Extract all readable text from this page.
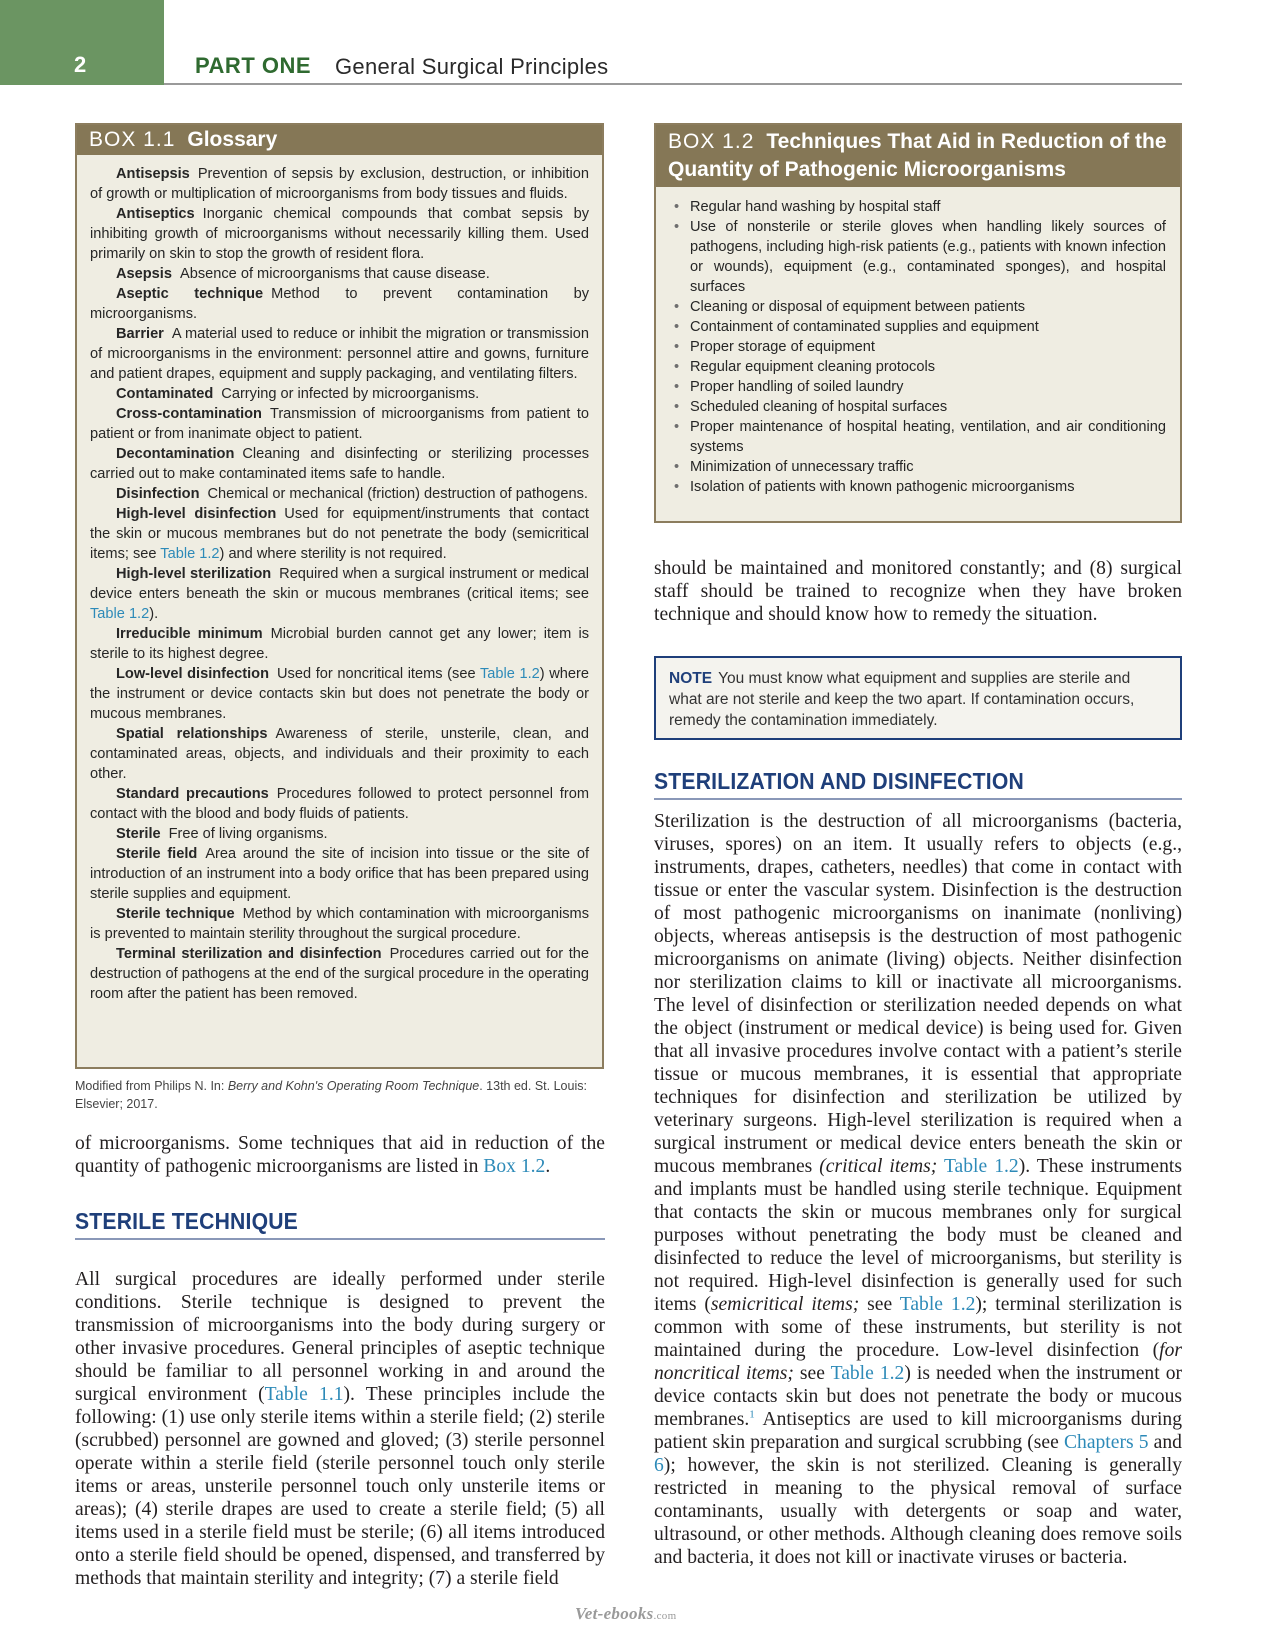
2	PART ONE General Surgical Principles
BOX 1.1 Glossary

Antisepsis Prevention of sepsis by exclusion, destruction, or inhibition of growth or multiplication of microorganisms from body tissues and fluids.

Antiseptics Inorganic chemical compounds that combat sepsis by inhibiting growth of microorganisms without necessarily killing them. Used primarily on skin to stop the growth of resident flora.

Asepsis Absence of microorganisms that cause disease.

Aseptic technique Method to prevent contamination by microorganisms.

Barrier A material used to reduce or inhibit the migration or transmission of microorganisms in the environment: personnel attire and gowns, furniture and patient drapes, equipment and supply packaging, and ventilating filters.

Contaminated Carrying or infected by microorganisms.

Cross-contamination Transmission of microorganisms from patient to patient or from inanimate object to patient.

Decontamination Cleaning and disinfecting or sterilizing processes carried out to make contaminated items safe to handle.

Disinfection Chemical or mechanical (friction) destruction of pathogens.

High-level disinfection Used for equipment/instruments that contact the skin or mucous membranes but do not penetrate the body (semicritical items; see Table 1.2) and where sterility is not required.

High-level sterilization Required when a surgical instrument or medical device enters beneath the skin or mucous membranes (critical items; see Table 1.2).

Irreducible minimum Microbial burden cannot get any lower; item is sterile to its highest degree.

Low-level disinfection Used for noncritical items (see Table 1.2) where the instrument or device contacts skin but does not penetrate the body or mucous membranes.

Spatial relationships Awareness of sterile, unsterile, clean, and contaminated areas, objects, and individuals and their proximity to each other.

Standard precautions Procedures followed to protect personnel from contact with the blood and body fluids of patients.

Sterile Free of living organisms.

Sterile field Area around the site of incision into tissue or the site of introduction of an instrument into a body orifice that has been prepared using sterile supplies and equipment.

Sterile technique Method by which contamination with microorganisms is prevented to maintain sterility throughout the surgical procedure.

Terminal sterilization and disinfection Procedures carried out for the destruction of pathogens at the end of the surgical procedure in the operating room after the patient has been removed.

Modified from Philips N. In: Berry and Kohn's Operating Room Technique. 13th ed. St. Louis: Elsevier; 2017.
BOX 1.2 Techniques That Aid in Reduction of the Quantity of Pathogenic Microorganisms
• Regular hand washing by hospital staff
• Use of nonsterile or sterile gloves when handling likely sources of pathogens, including high-risk patients (e.g., patients with known infection or wounds), equipment (e.g., contaminated sponges), and hospital surfaces
• Cleaning or disposal of equipment between patients
• Containment of contaminated supplies and equipment
• Proper storage of equipment
• Regular equipment cleaning protocols
• Proper handling of soiled laundry
• Scheduled cleaning of hospital surfaces
• Proper maintenance of hospital heating, ventilation, and air conditioning systems
• Minimization of unnecessary traffic
• Isolation of patients with known pathogenic microorganisms

of microorganisms. Some techniques that aid in reduction of the quantity of pathogenic microorganisms are listed in Box 1.2.

STERILE TECHNIQUE

All surgical procedures are ideally performed under sterile conditions. Sterile technique is designed to prevent the transmission of microorganisms into the body during surgery or other invasive procedures. General principles of aseptic technique should be familiar to all personnel working in and around the surgical environment (Table 1.1). These principles include the following: (1) use only sterile items within a sterile field; (2) sterile (scrubbed) personnel are gowned and gloved; (3) sterile personnel operate within a sterile field (sterile personnel touch only sterile items or areas, unsterile personnel touch only unsterile items or areas); (4) sterile drapes are used to create a sterile field; (5) all items used in a sterile field must be sterile; (6) all items introduced onto a sterile field should be opened, dispensed, and transferred by methods that maintain sterility and integrity; (7) a sterile field

should be maintained and monitored constantly; and (8) surgical staff should be trained to recognize when they have broken technique and should know how to remedy the situation.

NOTE You must know what equipment and supplies are sterile and what are not sterile and keep the two apart. If contamination occurs, remedy the contamination immediately.
STERILIZATION AND DISINFECTION

Sterilization is the destruction of all microorganisms (bacteria, viruses, spores) on an item. It usually refers to objects (e.g., instruments, drapes, catheters, needles) that come in contact with tissue or enter the vascular system. Disinfection is the destruction of most pathogenic microorganisms on inanimate (nonliving) objects, whereas antisepsis is the destruction of most pathogenic microorganisms on animate (living) objects. Neither disinfection nor sterilization claims to kill or inactivate all microorganisms. The level of disinfection or sterilization needed depends on what the object (instrument or medical device) is being used for. Given that all invasive procedures involve contact with a patient’s sterile tissue or mucous membranes, it is essential that appropriate techniques for disinfection and sterilization be utilized by veterinary surgeons. High-level sterilization is required when a surgical instrument or medical device enters beneath the skin or mucous membranes (critical items; Table 1.2). These instruments and implants must be handled using sterile technique. Equipment that contacts the skin or mucous membranes only for surgical purposes without penetrating the body must be cleaned and disinfected to reduce the level of microorganisms, but sterility is not required. High-level disinfection is generally used for such items (semicritical items; see Table 1.2); terminal sterilization is common with some of these instruments, but sterility is not maintained during the procedure. Low-level disinfection (for noncritical items; see Table 1.2) is needed when the instrument or device contacts skin but does not penetrate the body or mucous membranes.$^1$ Antiseptics are used to kill microorganisms during patient skin preparation and surgical scrubbing (see Chapters 5 and 6); however, the skin is not sterilized. Cleaning is generally restricted in meaning to the physical removal of surface contaminants, usually with detergents or soap and water, ultrasound, or other methods. Although cleaning does remove soils and bacteria, it does not kill or inactivate viruses or bacteria.

Vet-ebooks.com
